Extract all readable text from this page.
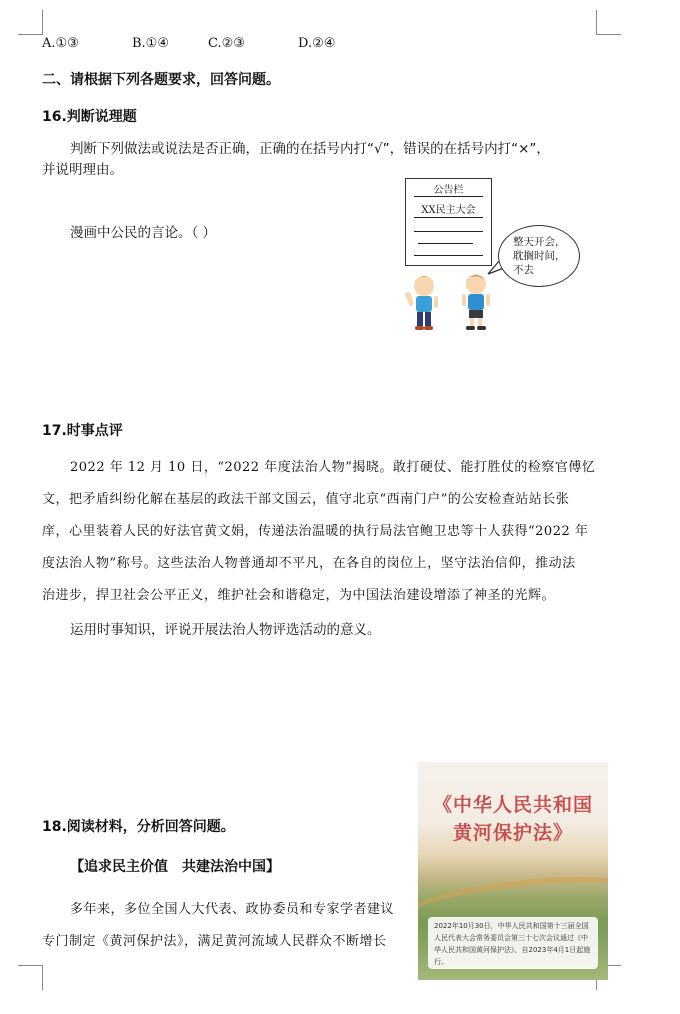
A.①③	B.①④	C.②③	D.②④
二、请根据下列各题要求，回答问题。
16.判断说理题
判断下列做法或说法是否正确，正确的在括号内打“√”，错误的在括号内打“×”，
并说明理由。
漫画中公民的言论。（ ）
公告栏
XX民主大会
整天开会，
耽搁时间，
不去
17.时事点评
2022 年 12 月 10 日，“2022 年度法治人物”揭晓。敢打硬仗、能打胜仗的检察官傅忆
文，把矛盾纠纷化解在基层的政法干部文国云，值守北京“西南门户”的公安检查站站长张
庠，心里装着人民的好法官黄文娟，传递法治温暖的执行局法官鲍卫忠等十人获得“2022 年
度法治人物”称号。这些法治人物普通却不平凡，在各自的岗位上，坚守法治信仰，推动法
治进步，捍卫社会公平正义，维护社会和谐稳定，为中国法治建设增添了神圣的光辉。
运用时事知识，评说开展法治人物评选活动的意义。
18.阅读材料，分析回答问题。
【追求民主价值　共建法治中国】
多年来，多位全国人大代表、政协委员和专家学者建议
专门制定《黄河保护法》，满足黄河流域人民群众不断增长
《中华人民共和国
黄河保护法》
2022年10月30日，中华人民共和国第十三届全国人民代表大会常务委员会第三十七次会议通过《中华人民共和国黄河保护法》，自2023年4月1日起施行。
